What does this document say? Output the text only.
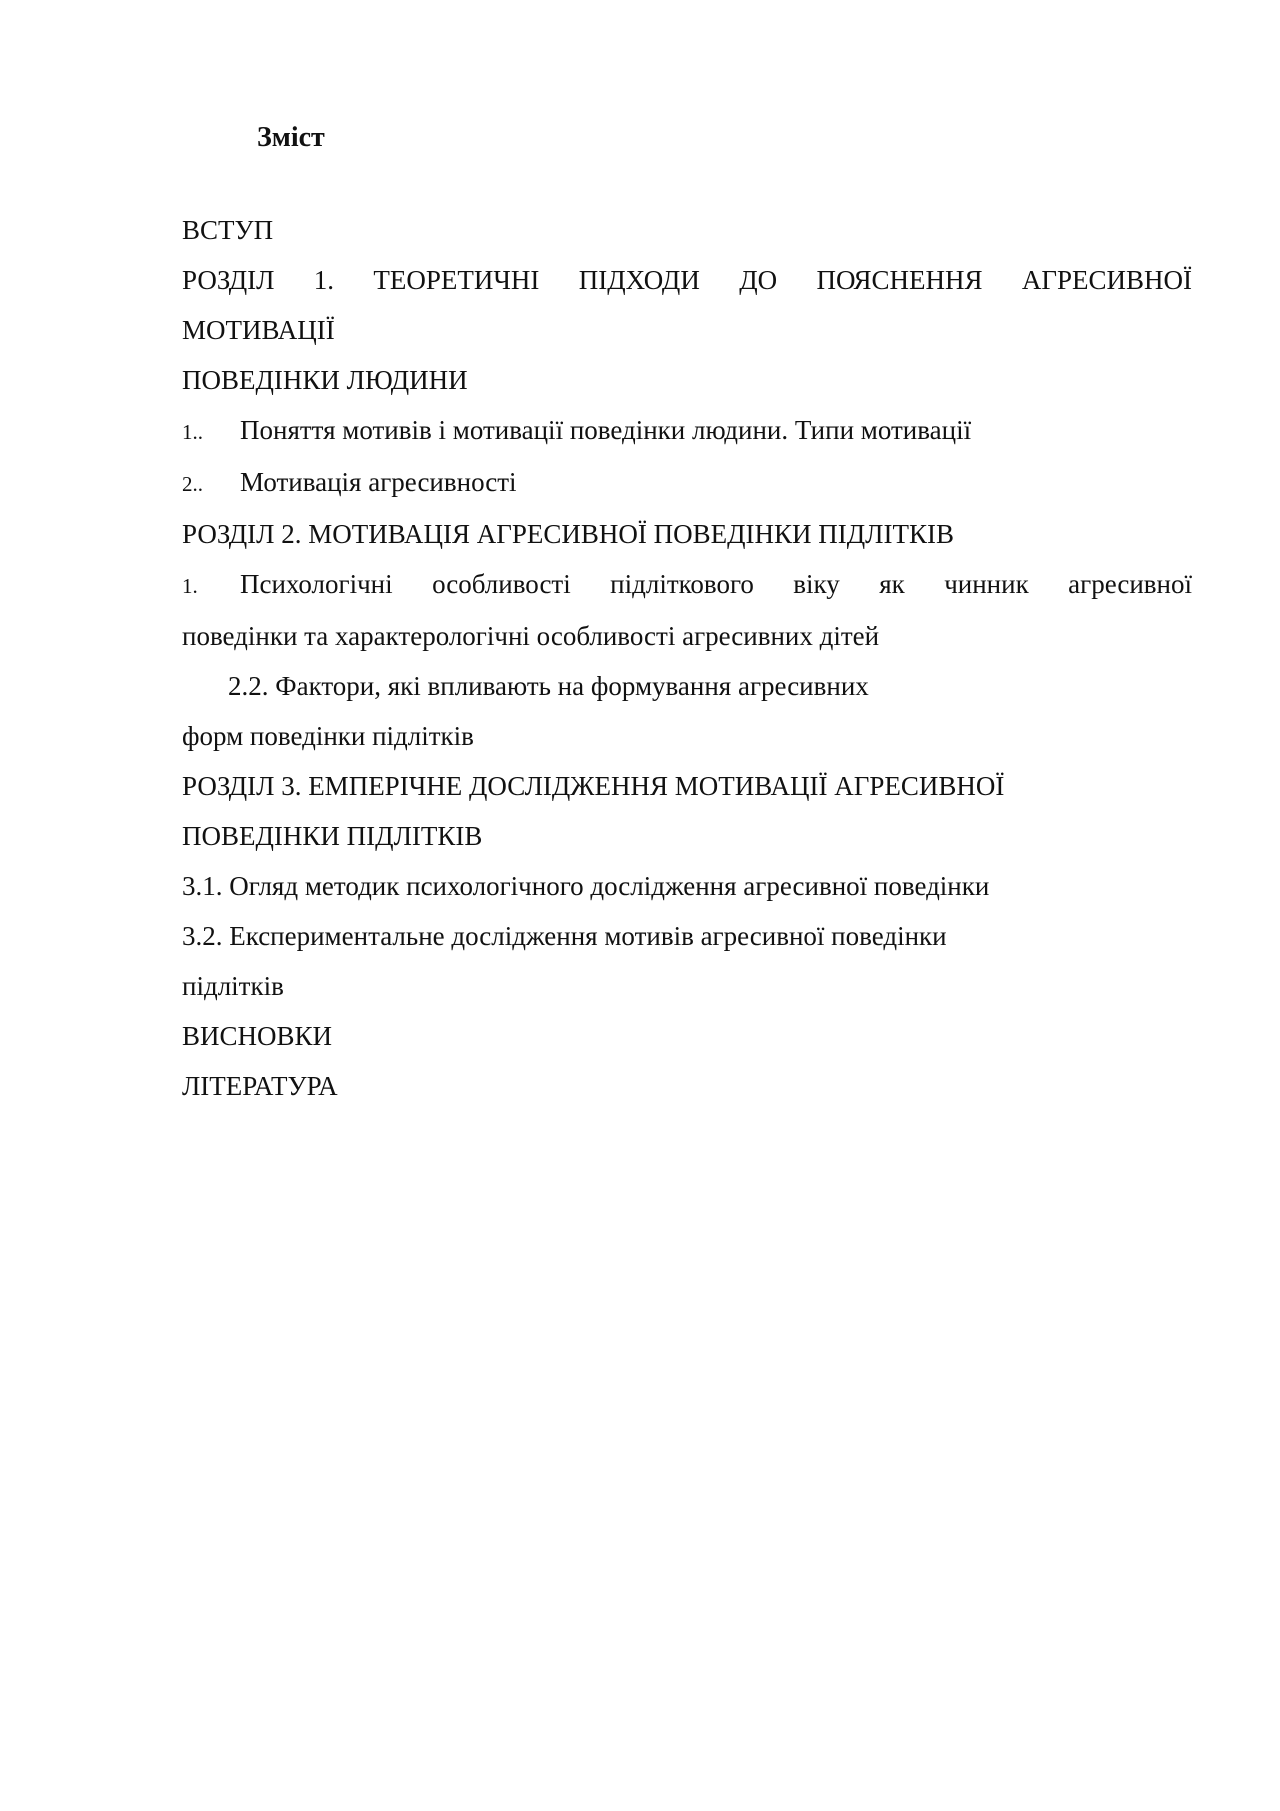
Зміст
ВСТУП
РОЗДІЛ 1. ТЕОРЕТИЧНІ ПІДХОДИ ДО ПОЯСНЕННЯ АГРЕСИВНОЇ
МОТИВАЦІЇ
ПОВЕДІНКИ ЛЮДИНИ
1.. Поняття мотивів і мотивації поведінки людини. Типи мотивації
2.. Мотивація агресивності
РОЗДІЛ 2. МОТИВАЦІЯ АГРЕСИВНОЇ ПОВЕДІНКИ ПІДЛІТКІВ
1. Психологічні особливості підліткового віку як чинник агресивної
поведінки та характерологічні особливості агресивних дітей
2.2. Фактори, які впливають на формування агресивних
форм поведінки підлітків
РОЗДІЛ 3. ЕМПЕРІЧНЕ ДОСЛІДЖЕННЯ МОТИВАЦІЇ АГРЕСИВНОЇ
ПОВЕДІНКИ ПІДЛІТКІВ
3.1. Огляд методик психологічного дослідження агресивної поведінки
3.2. Експериментальне дослідження мотивів агресивної поведінки
підлітків
ВИСНОВКИ
ЛІТЕРАТУРА
